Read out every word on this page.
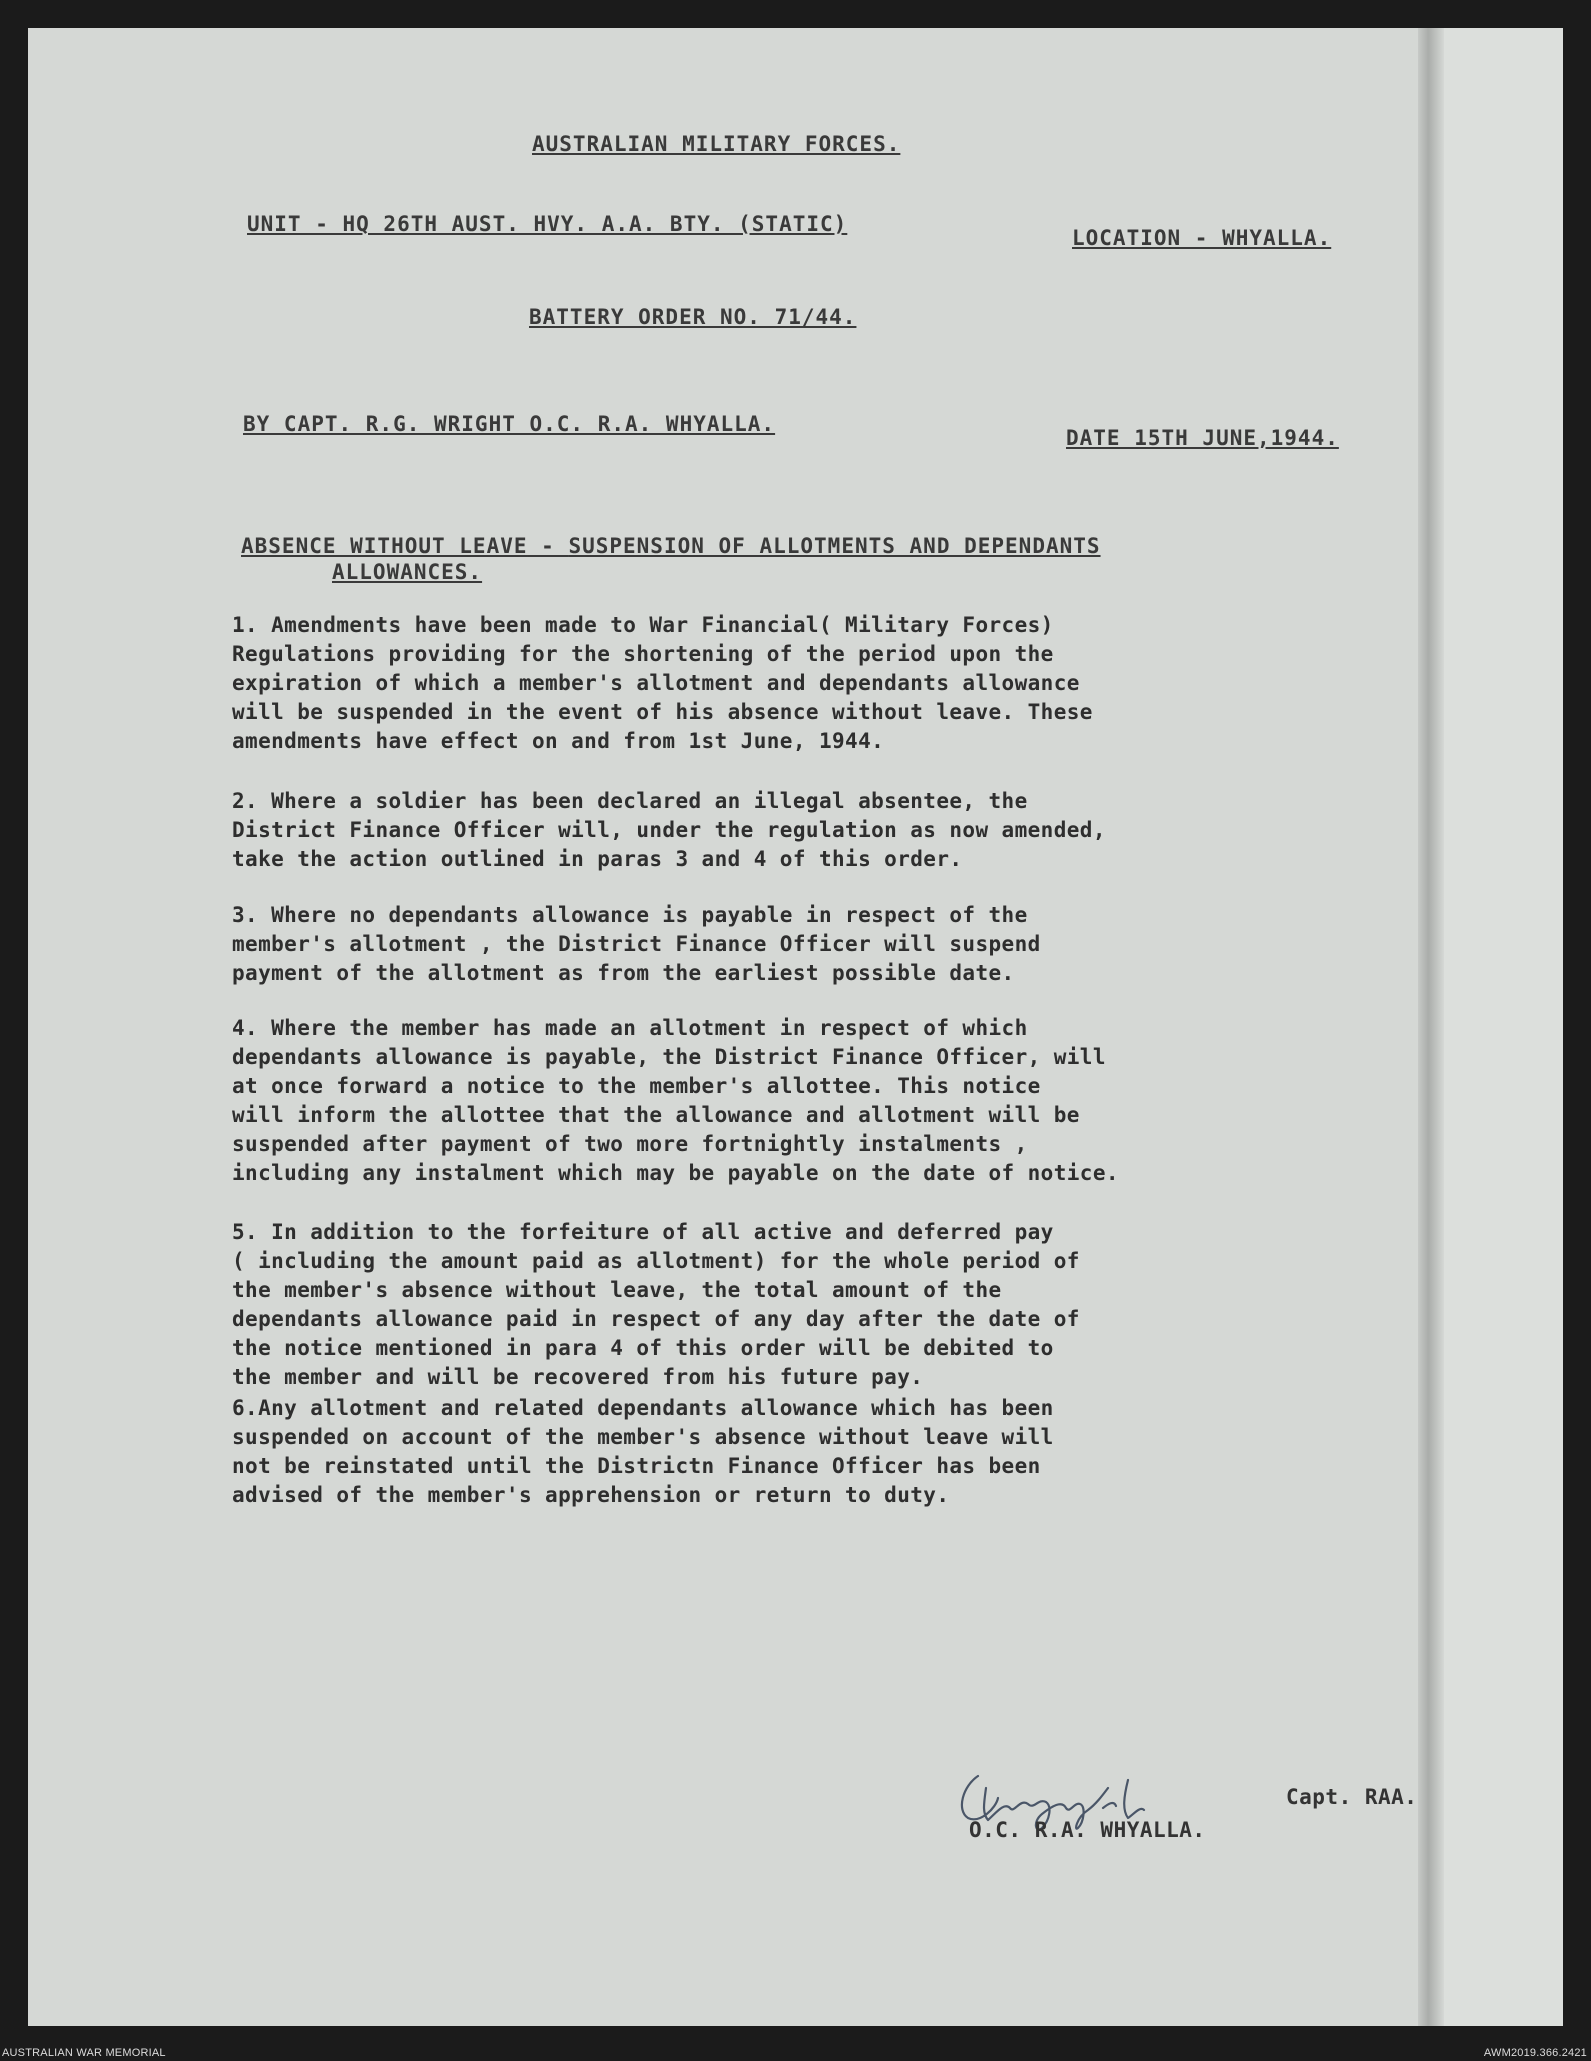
AUSTRALIAN MILITARY FORCES.
UNIT - HQ 26TH AUST. HVY. A.A. BTY. (STATIC)
LOCATION - WHYALLA.
BATTERY ORDER NO. 71/44.
BY CAPT. R.G. WRIGHT O.C. R.A. WHYALLA.
DATE 15TH JUNE,1944.
ABSENCE WITHOUT LEAVE - SUSPENSION OF ALLOTMENTS AND DEPENDANTS
ALLOWANCES.

1. Amendments have been made to War Financial( Military Forces)
Regulations providing for the shortening of the period upon the
expiration of which a member's allotment and dependants allowance
will be suspended in the event of his absence without leave. These
amendments have effect on and from 1st June, 1944.

2. Where a soldier has been declared an illegal absentee, the
District Finance Officer will, under the regulation as now amended,
take the action outlined in paras 3 and 4 of this order.

3. Where no dependants allowance is payable in respect of the
member's allotment , the District Finance Officer will suspend
payment of the allotment as from the earliest possible date.

4. Where the member has made an allotment in respect of which
dependants allowance is payable, the District Finance Officer, will
at once forward a notice to the member's allottee. This notice
will inform the allottee that the allowance and allotment will be
suspended after payment of two more fortnightly instalments ,
including any instalment which may be payable on the date of notice.

5. In addition to the forfeiture of all active and deferred pay
( including the amount paid as allotment) for the whole period of
the member's absence without leave, the total amount of the
dependants allowance paid in respect of any day after the date of
the notice mentioned in para 4 of this order will be debited to
the member and will be recovered from his future pay.

6.Any allotment and related dependants allowance which has been
suspended on account of the member's absence without leave will
not be reinstated until the Districtn Finance Officer has been
advised of the member's apprehension or return to duty.

Capt. RAA.
O.C. R.A. WHYALLA.
AUSTRALIAN WAR MEMORIAL	AWM2019.366.2421
